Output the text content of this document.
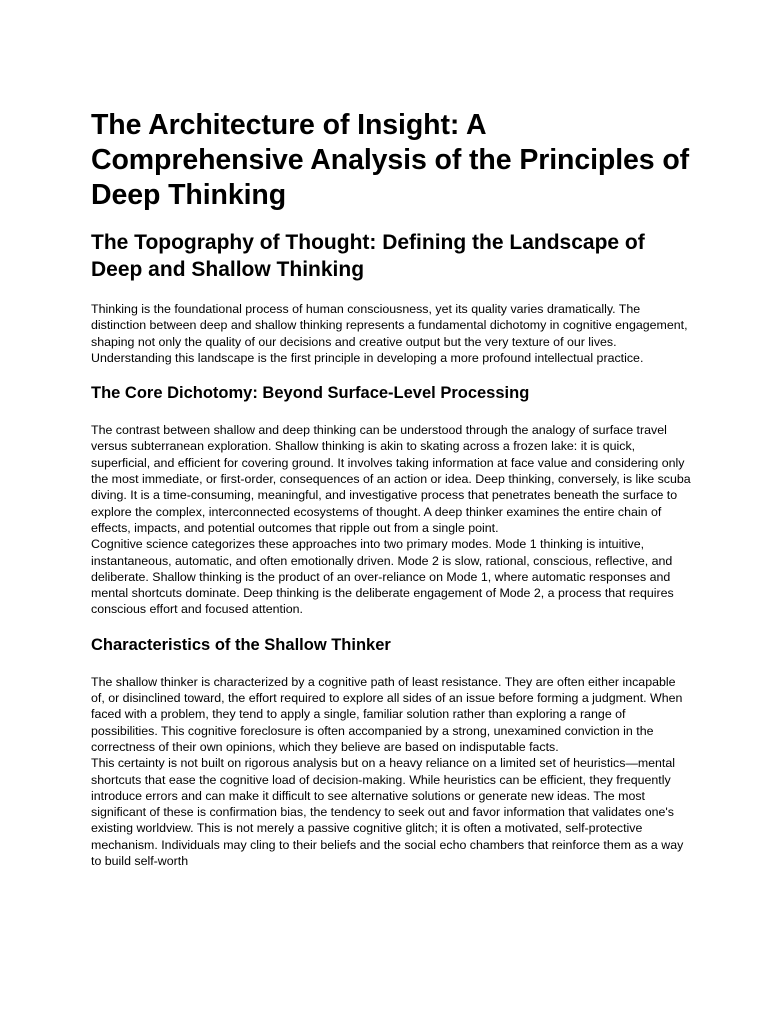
The Architecture of Insight: A Comprehensive Analysis of the Principles of Deep Thinking
The Topography of Thought: Defining the Landscape of Deep and Shallow Thinking

Thinking is the foundational process of human consciousness, yet its quality varies dramatically. The distinction between deep and shallow thinking represents a fundamental dichotomy in cognitive engagement, shaping not only the quality of our decisions and creative output but the very texture of our lives. Understanding this landscape is the first principle in developing a more profound intellectual practice.

The Core Dichotomy: Beyond Surface-Level Processing

The contrast between shallow and deep thinking can be understood through the analogy of surface travel versus subterranean exploration. Shallow thinking is akin to skating across a frozen lake: it is quick, superficial, and efficient for covering ground. It involves taking information at face value and considering only the most immediate, or first-order, consequences of an action or idea. Deep thinking, conversely, is like scuba diving. It is a time-consuming, meaningful, and investigative process that penetrates beneath the surface to explore the complex, interconnected ecosystems of thought. A deep thinker examines the entire chain of effects, impacts, and potential outcomes that ripple out from a single point.

Cognitive science categorizes these approaches into two primary modes. Mode 1 thinking is intuitive, instantaneous, automatic, and often emotionally driven. Mode 2 is slow, rational, conscious, reflective, and deliberate. Shallow thinking is the product of an over-reliance on Mode 1, where automatic responses and mental shortcuts dominate. Deep thinking is the deliberate engagement of Mode 2, a process that requires conscious effort and focused attention.

Characteristics of the Shallow Thinker

The shallow thinker is characterized by a cognitive path of least resistance. They are often either incapable of, or disinclined toward, the effort required to explore all sides of an issue before forming a judgment. When faced with a problem, they tend to apply a single, familiar solution rather than exploring a range of possibilities. This cognitive foreclosure is often accompanied by a strong, unexamined conviction in the correctness of their own opinions, which they believe are based on indisputable facts.

This certainty is not built on rigorous analysis but on a heavy reliance on a limited set of heuristics—mental shortcuts that ease the cognitive load of decision-making. While heuristics can be efficient, they frequently introduce errors and can make it difficult to see alternative solutions or generate new ideas. The most significant of these is confirmation bias, the tendency to seek out and favor information that validates one's existing worldview. This is not merely a passive cognitive glitch; it is often a motivated, self-protective mechanism. Individuals may cling to their beliefs and the social echo chambers that reinforce them as a way to build self-worth
